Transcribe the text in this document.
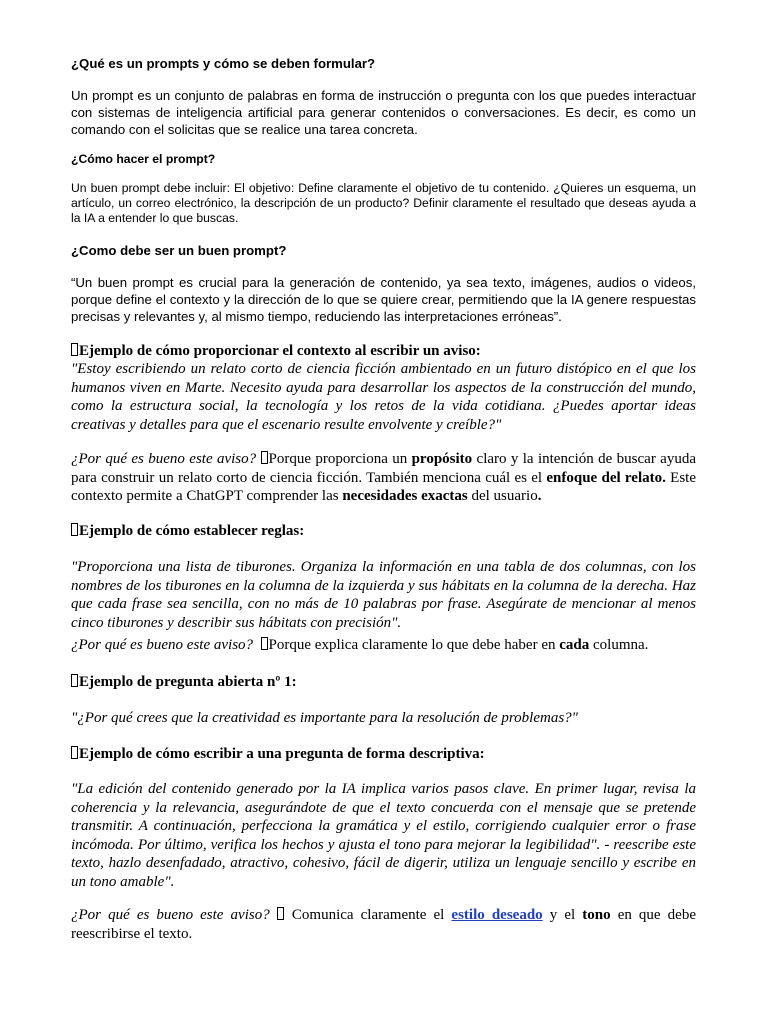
¿Qué es un prompts y cómo se deben formular?

Un prompt es un conjunto de palabras en forma de instrucción o pregunta con los que puedes interactuar con sistemas de inteligencia artificial para generar contenidos o conversaciones. Es decir, es como un comando con el solicitas que se realice una tarea concreta.

¿Cómo hacer el prompt?

Un buen prompt debe incluir: El objetivo: Define claramente el objetivo de tu contenido. ¿Quieres un esquema, un artículo, un correo electrónico, la descripción de un producto? Definir claramente el resultado que deseas ayuda a la IA a entender lo que buscas.

¿Como debe ser un buen prompt?

“Un buen prompt es crucial para la generación de contenido, ya sea texto, imágenes, audios o videos, porque define el contexto y la dirección de lo que se quiere crear, permitiendo que la IA genere respuestas precisas y relevantes y, al mismo tiempo, reduciendo las interpretaciones erróneas”.

Ejemplo de cómo proporcionar el contexto al escribir un aviso:

"Estoy escribiendo un relato corto de ciencia ficción ambientado en un futuro distópico en el que los humanos viven en Marte. Necesito ayuda para desarrollar los aspectos de la construcción del mundo, como la estructura social, la tecnología y los retos de la vida cotidiana. ¿Puedes aportar ideas creativas y detalles para que el escenario resulte envolvente y creíble?"

¿Por qué es bueno este aviso? Porque proporciona un propósito claro y la intención de buscar ayuda para construir un relato corto de ciencia ficción. También menciona cuál es el enfoque del relato. Este contexto permite a ChatGPT comprender las necesidades exactas del usuario.

Ejemplo de cómo establecer reglas:

"Proporciona una lista de tiburones. Organiza la información en una tabla de dos columnas, con los nombres de los tiburones en la columna de la izquierda y sus hábitats en la columna de la derecha. Haz que cada frase sea sencilla, con no más de 10 palabras por frase. Asegúrate de mencionar al menos cinco tiburones y describir sus hábitats con precisión".

¿Por qué es bueno este aviso? Porque explica claramente lo que debe haber en cada columna.

Ejemplo de pregunta abierta nº 1:

"¿Por qué crees que la creatividad es importante para la resolución de problemas?"

Ejemplo de cómo escribir a una pregunta de forma descriptiva:

"La edición del contenido generado por la IA implica varios pasos clave. En primer lugar, revisa la coherencia y la relevancia, asegurándote de que el texto concuerda con el mensaje que se pretende transmitir. A continuación, perfecciona la gramática y el estilo, corrigiendo cualquier error o frase incómoda. Por último, verifica los hechos y ajusta el tono para mejorar la legibilidad". - reescribe este texto, hazlo desenfadado, atractivo, cohesivo, fácil de digerir, utiliza un lenguaje sencillo y escribe en un tono amable".

¿Por qué es bueno este aviso?  Comunica claramente el estilo deseado y el tono en que debe reescribirse el texto.
